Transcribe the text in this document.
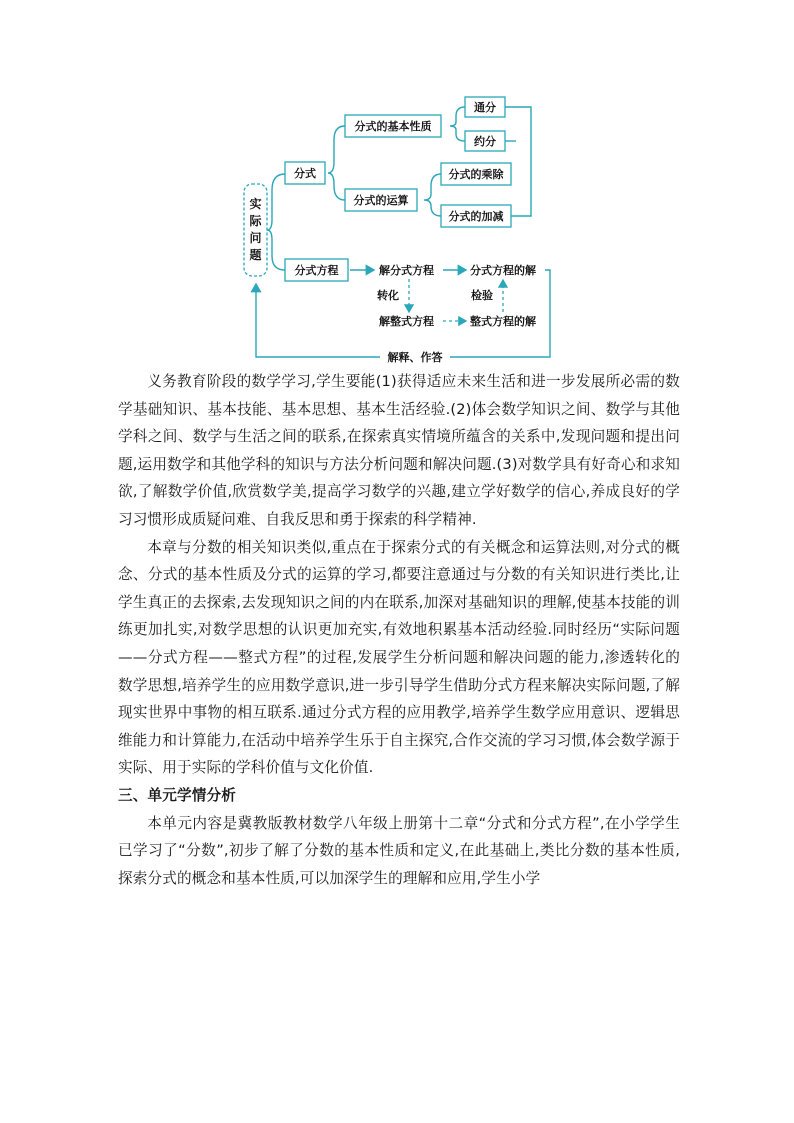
实
际
问
题
分式
分式的基本性质
通分
约分
分式的运算
分式的乘除
分式的加减
分式方程	解分式方程	分式方程的解
转化	检验
解整式方程	整式方程的解
解释、作答

义务教育阶段的数学学习,学生要能(1)获得适应未来生活和进一步发展所必需的数学基础知识、基本技能、基本思想、基本生活经验.(2)体会数学知识之间、数学与其他学科之间、数学与生活之间的联系,在探索真实情境所蕴含的关系中,发现问题和提出问题,运用数学和其他学科的知识与方法分析问题和解决问题.(3)对数学具有好奇心和求知欲,了解数学价值,欣赏数学美,提高学习数学的兴趣,建立学好数学的信心,养成良好的学习习惯形成质疑问难、自我反思和勇于探索的科学精神.

本章与分数的相关知识类似,重点在于探索分式的有关概念和运算法则,对分式的概念、分式的基本性质及分式的运算的学习,都要注意通过与分数的有关知识进行类比,让学生真正的去探索,去发现知识之间的内在联系,加深对基础知识的理解,使基本技能的训练更加扎实,对数学思想的认识更加充实,有效地积累基本活动经验.同时经历“实际问题——分式方程——整式方程”的过程,发展学生分析问题和解决问题的能力,渗透转化的数学思想,培养学生的应用数学意识,进一步引导学生借助分式方程来解决实际问题,了解现实世界中事物的相互联系.通过分式方程的应用教学,培养学生数学应用意识、逻辑思维能力和计算能力,在活动中培养学生乐于自主探究,合作交流的学习习惯,体会数学源于实际、用于实际的学科价值与文化价值.

三、单元学情分析

本单元内容是冀教版教材数学八年级上册第十二章“分式和分式方程”,在小学学生已学习了“分数”,初步了解了分数的基本性质和定义,在此基础上,类比分数的基本性质,探索分式的概念和基本性质,可以加深学生的理解和应用,学生小学
